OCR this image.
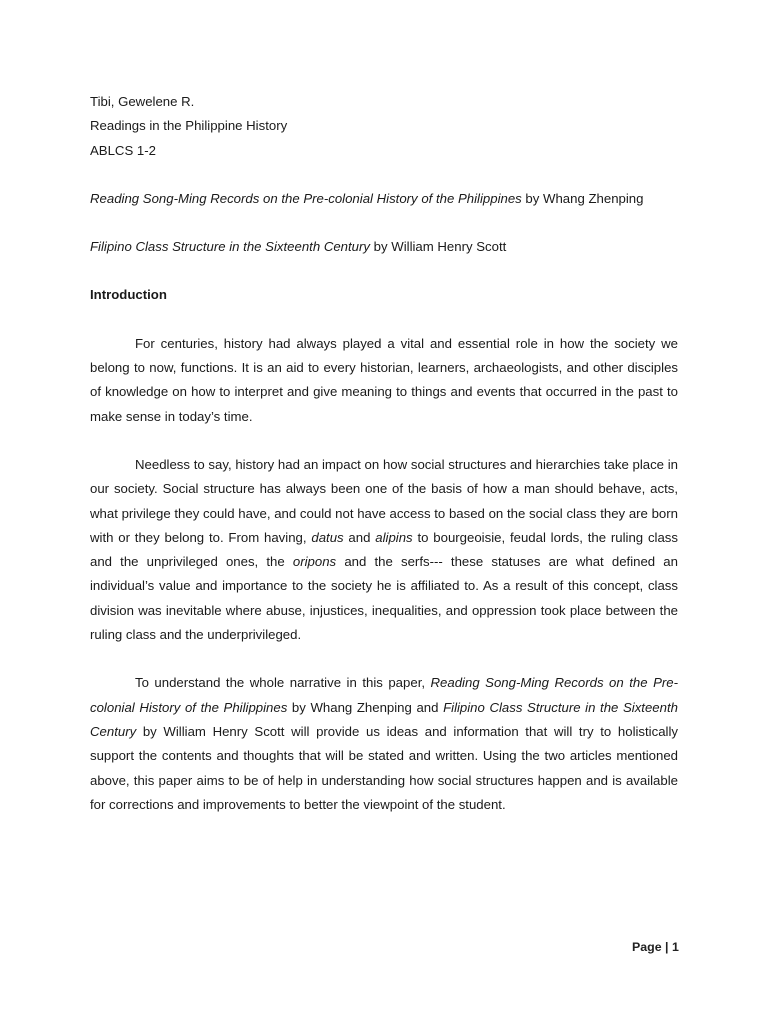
Tibi, Gewelene R.

Readings in the Philippine History

ABLCS 1-2

Reading Song-Ming Records on the Pre-colonial History of the Philippines by Whang Zhenping

Filipino Class Structure in the Sixteenth Century by William Henry Scott

Introduction

For centuries, history had always played a vital and essential role in how the society we belong to now, functions. It is an aid to every historian, learners, archaeologists, and other disciples of knowledge on how to interpret and give meaning to things and events that occurred in the past to make sense in today’s time.

Needless to say, history had an impact on how social structures and hierarchies take place in our society. Social structure has always been one of the basis of how a man should behave, acts, what privilege they could have, and could not have access to based on the social class they are born with or they belong to. From having, datus and alipins to bourgeoisie, feudal lords, the ruling class and the unprivileged ones, the oripons and the serfs--- these statuses are what defined an individual’s value and importance to the society he is affiliated to. As a result of this concept, class division was inevitable where abuse, injustices, inequalities, and oppression took place between the ruling class and the underprivileged.

To understand the whole narrative in this paper, Reading Song-Ming Records on the Pre-colonial History of the Philippines by Whang Zhenping and Filipino Class Structure in the Sixteenth Century by William Henry Scott will provide us ideas and information that will try to holistically support the contents and thoughts that will be stated and written. Using the two articles mentioned above, this paper aims to be of help in understanding how social structures happen and is available for corrections and improvements to better the viewpoint of the student.

Page | 1
